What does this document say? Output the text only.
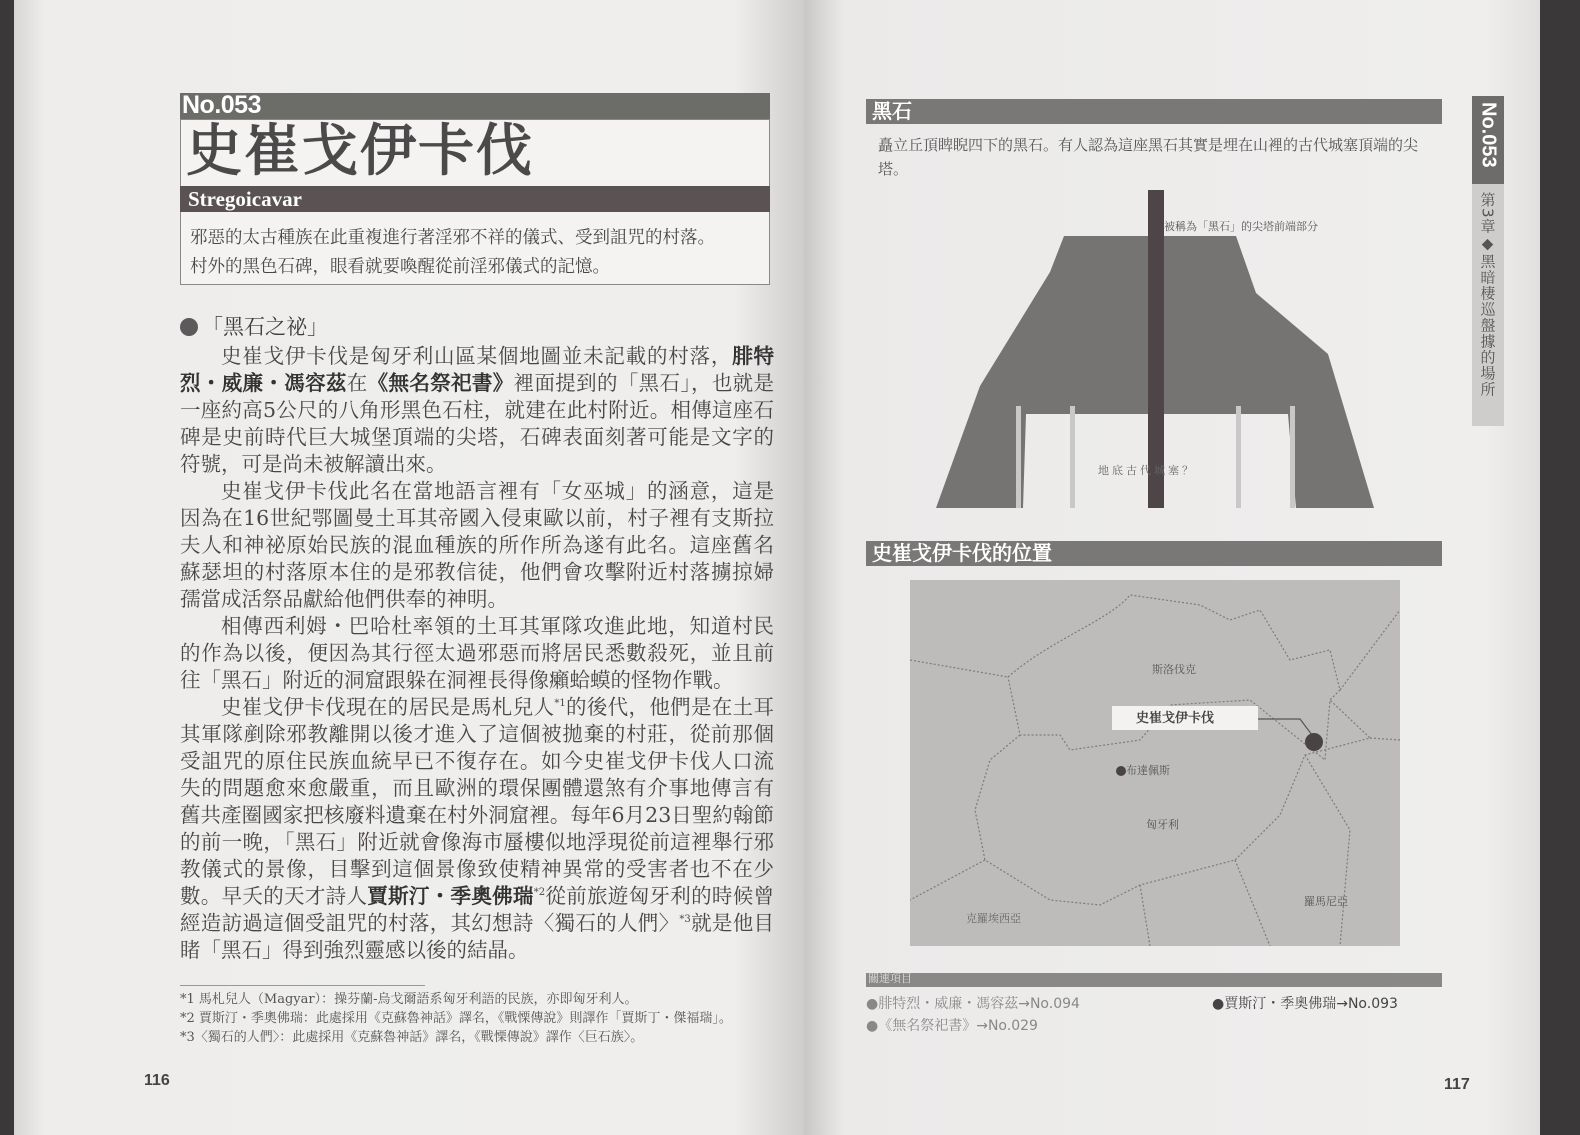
No.053
史崔戈伊卡伐
Stregoicavar
邪惡的太古種族在此重複進行著淫邪不祥的儀式、受到詛咒的村落。
村外的黑色石碑，眼看就要喚醒從前淫邪儀式的記憶。
「黑石之祕」

史崔戈伊卡伐是匈牙利山區某個地圖並未記載的村落，腓特烈・威廉・馮容茲在《無名祭祀書》裡面提到的「黑石」，也就是一座約高5公尺的八角形黑色石柱，就建在此村附近。相傳這座石碑是史前時代巨大城堡頂端的尖塔，石碑表面刻著可能是文字的符號，可是尚未被解讀出來。

史崔戈伊卡伐此名在當地語言裡有「女巫城」的涵意，這是因為在16世紀鄂圖曼土耳其帝國入侵東歐以前，村子裡有支斯拉夫人和神祕原始民族的混血種族的所作所為遂有此名。這座舊名蘇瑟坦的村落原本住的是邪教信徒，他們會攻擊附近村落擄掠婦孺當成活祭品獻給他們供奉的神明。

相傳西利姆・巴哈杜率領的土耳其軍隊攻進此地，知道村民的作為以後，便因為其行徑太過邪惡而將居民悉數殺死，並且前往「黑石」附近的洞窟跟躲在洞裡長得像癩蛤蟆的怪物作戰。

史崔戈伊卡伐現在的居民是馬札兒人$^{*1}$的後代，他們是在土耳其軍隊剷除邪教離開以後才進入了這個被拋棄的村莊，從前那個受詛咒的原住民族血統早已不復存在。如今史崔戈伊卡伐人口流失的問題愈來愈嚴重，而且歐洲的環保團體還煞有介事地傳言有舊共產圈國家把核廢料遺棄在村外洞窟裡。每年6月23日聖約翰節的前一晚，「黑石」附近就會像海市蜃樓似地浮現從前這裡舉行邪教儀式的景像，目擊到這個景像致使精神異常的受害者也不在少數。早夭的天才詩人賈斯汀・季奧佛瑞$^{*2}$從前旅遊匈牙利的時候曾經造訪過這個受詛咒的村落，其幻想詩〈獨石的人們〉$^{*3}$就是他目睹「黑石」得到強烈靈感以後的結晶。

*1 馬札兒人（Magyar）：操芬蘭-烏戈爾語系匈牙利語的民族，亦即匈牙利人。
*2 賈斯汀・季奧佛瑞：此處採用《克蘇魯神話》譯名，《戰慄傳說》則譯作「賈斯丁・傑福瑞」。
*3〈獨石的人們〉：此處採用《克蘇魯神話》譯名，《戰慄傳說》譯作〈巨石族〉。
116
黑石
矗立丘頂睥睨四下的黑石。有人認為這座黑石其實是埋在山裡的古代城塞頂端的尖塔。
被稱為「黑石」的尖塔前端部分
地底古代城塞？
史崔戈伊卡伐的位置
史崔戈伊卡伐
斯洛伐克
布達佩斯
匈牙利
羅馬尼亞
克羅埃西亞
關連項目
●腓特烈・威廉・馮容茲→No.094
●《無名祭祀書》→No.029
●賈斯汀・季奧佛瑞→No.093
No.053
第3章◆黑暗棲巡盤據的場所
117
